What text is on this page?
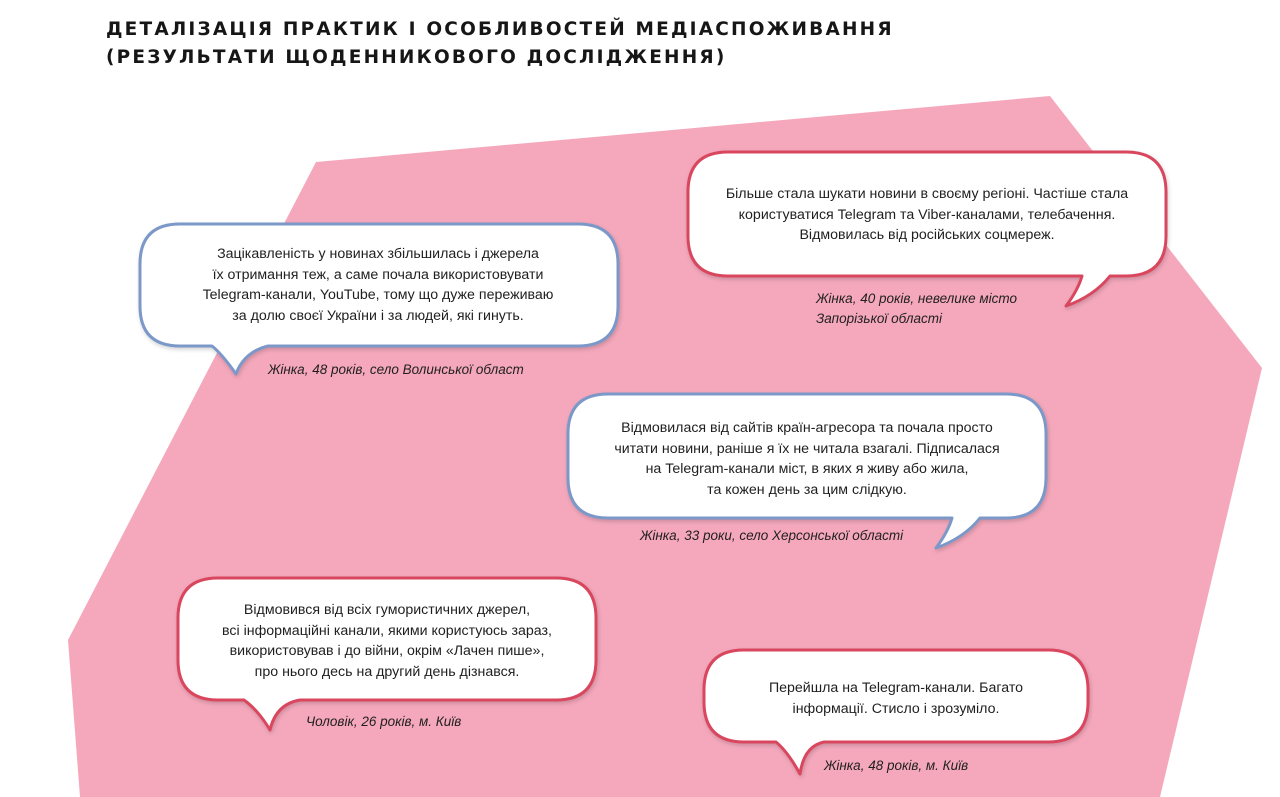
ДЕТАЛІЗАЦІЯ ПРАКТИК І ОСОБЛИВОСТЕЙ МЕДІАСПОЖИВАННЯ
(РЕЗУЛЬТАТИ ЩОДЕННИКОВОГО ДОСЛІДЖЕННЯ)
Зацікавленість у новинах збільшилась і джерела
їх отримання теж, а саме почала використовувати
Telegram-канали, YouTube, тому що дуже переживаю
за долю своєї України і за людей, які гинуть.
Жінка, 48 років, село Волинської област
Більше стала шукати новини в своєму регіоні. Частіше стала
користуватися Telegram та Viber-каналами, телебачення.
Відмовилась від російських соцмереж.
Жінка, 40 років, невелике місто
Запорізької області
Відмовилася від сайтів країн-агресора та почала просто
читати новини, раніше я їх не читала взагалі. Підписалася
на Telegram-канали міст, в яких я живу або жила,
та кожен день за цим слідкую.
Жінка, 33 роки, село Херсонської області
Відмовився від всіх гумористичних джерел,
всі інформаційні канали, якими користуюсь зараз,
використовував і до війни, окрім «Лачен пише»,
про нього десь на другий день дізнався.
Чоловік, 26 років, м. Київ
Перейшла на Telegram-канали. Багато
інформації. Стисло і зрозуміло.
Жінка, 48 років, м. Київ
